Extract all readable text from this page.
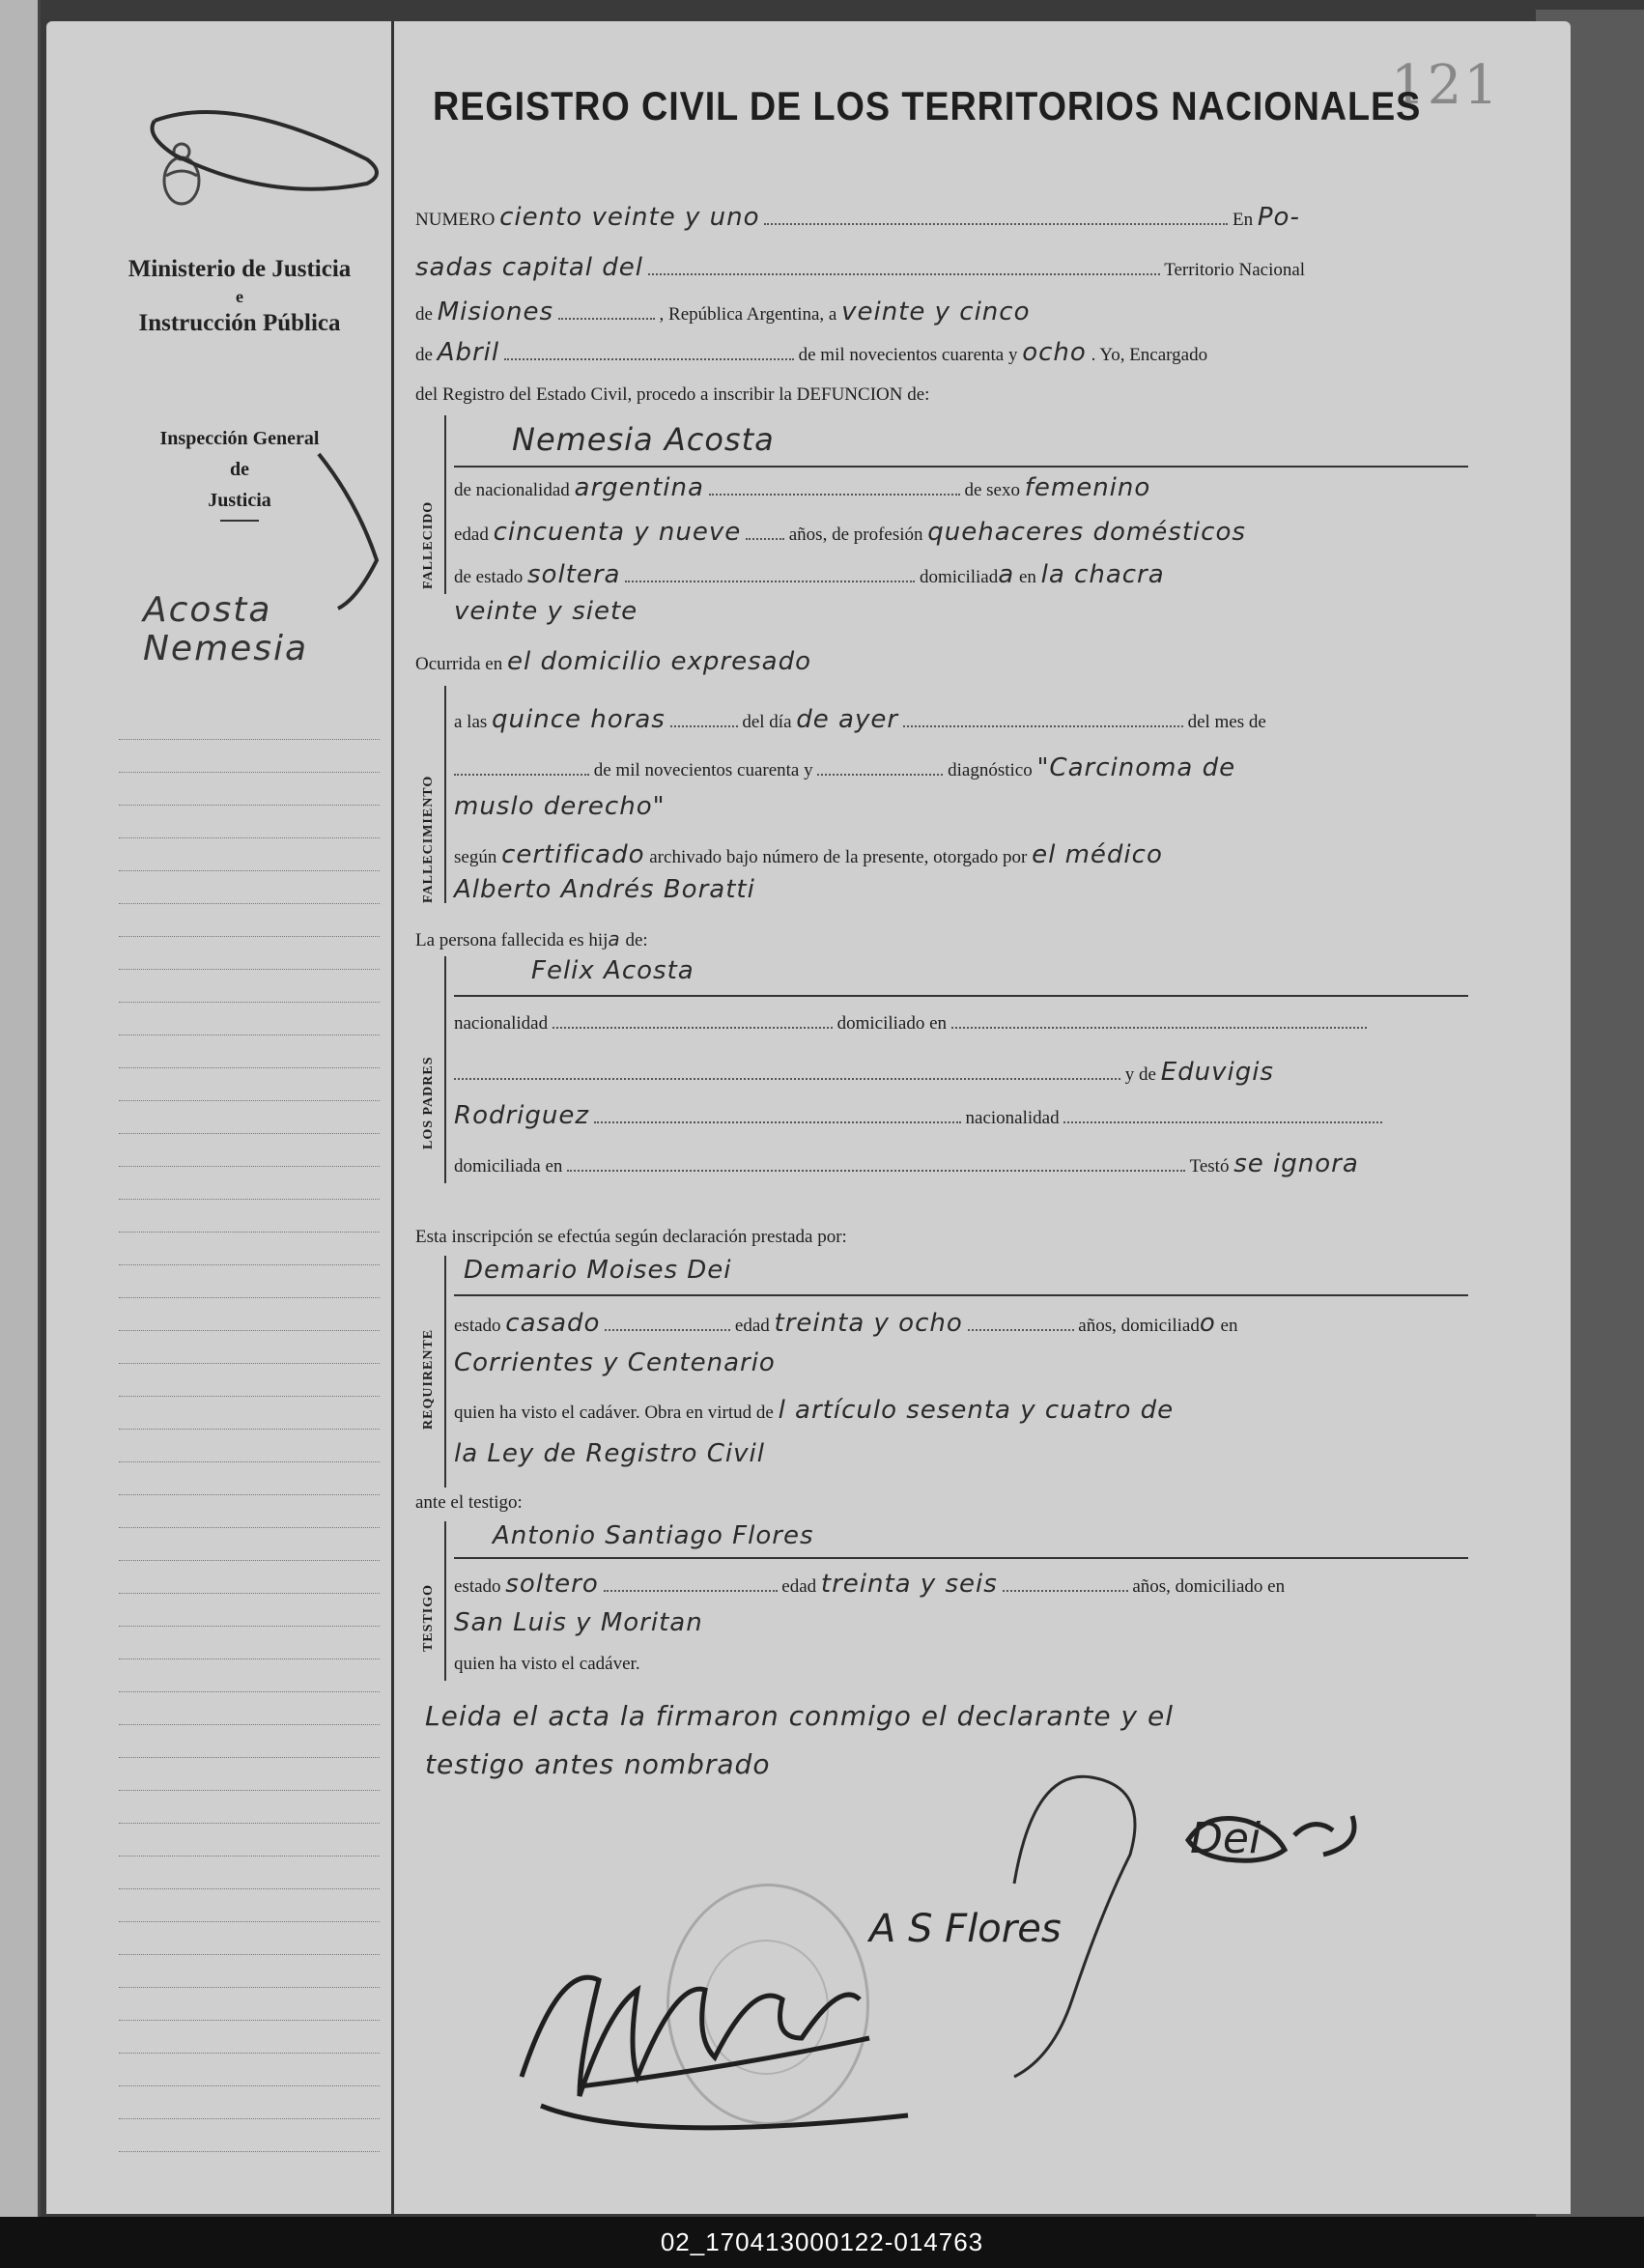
Ministerio de Justicia
e
Instrucción Pública
Inspección General
de
Justicia
Acosta
Nemesia
121
REGISTRO CIVIL DE LOS TERRITORIOS NACIONALES
NUMERO ciento veinte y uno	En Po-
sadas capital del	Territorio Nacional
de Misiones	, República Argentina, a veinte y cinco
de Abril	de mil novecientos cuarenta y ocho . Yo, Encargado
del Registro del Estado Civil, procedo a inscribir la DEFUNCION de:
FALLECIDO
Nemesia Acosta
de nacionalidad argentina	de sexo femenino
edad cincuenta y nueve	años, de profesión quehaceres domésticos
de estado soltera	domiciliada en la chacra
veinte y siete
Ocurrida en el domicilio expresado
FALLECIMIENTO
a las quince horas	del día de ayer	del mes de
de mil novecientos cuarenta y	diagnóstico "Carcinoma de
muslo derecho"
según certificado archivado bajo número de la presente, otorgado por el médico
Alberto Andrés Boratti
La persona fallecida es hija de:
LOS PADRES
Felix Acosta
nacionalidad	domiciliado en
y de Eduvigis
Rodriguez	nacionalidad
domiciliada en	Testó se ignora
Esta inscripción se efectúa según declaración prestada por:
REQUIRENTE
Demario Moises Dei
estado casado	edad treinta y ocho	años, domiciliado en
Corrientes y Centenario
quien ha visto el cadáver. Obra en virtud de l artículo sesenta y cuatro de
la Ley de Registro Civil
ante el testigo:
TESTIGO
Antonio Santiago Flores
estado soltero	edad treinta y seis	años, domiciliado en
San Luis y Moritan
quien ha visto el cadáver.
Leida el acta la firmaron conmigo el declarante y el
testigo antes nombrado
Dei
A S Flores
02_170413000122-014763
